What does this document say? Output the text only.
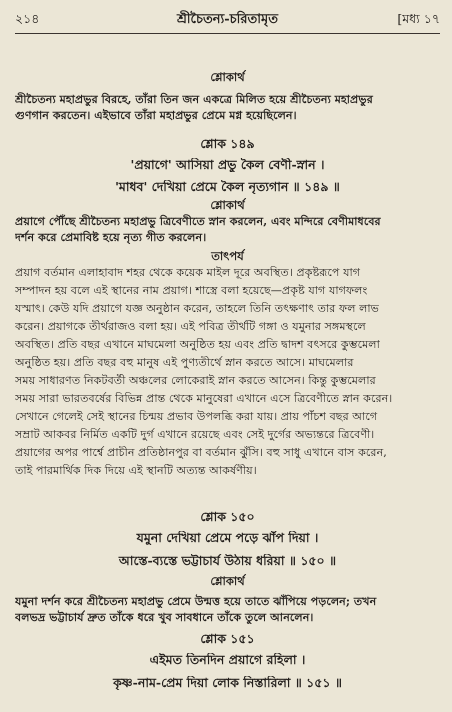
২১৪	শ্রীচৈতন্য-চরিতামৃত	[মধ্য ১৭
শ্লোকার্থ
শ্রীচৈতন্য মহাপ্রভুর বিরহে, তাঁরা তিন জন একত্রে মিলিত হয়ে শ্রীচৈতন্য মহাপ্রভুর
গুণগান করতেন। এইভাবে তাঁরা মহাপ্রভুর প্রেমে মগ্ন হয়েছিলেন।
শ্লোক ১৪৯
'প্রয়াগে' আসিয়া প্রভু কৈল বেণী-স্নান ।
'মাধব' দেখিয়া প্রেমে কৈল নৃত্যগান ॥ ১৪৯ ॥
শ্লোকার্থ
প্রয়াগে পৌঁছে শ্রীচৈতন্য মহাপ্রভু ত্রিবেণীতে স্নান করলেন, এবং মন্দিরে বেণীমাধবের
দর্শন করে প্রেমাবিষ্ট হয়ে নৃত্য গীত করলেন।
তাৎপর্য
প্রয়াগ বর্তমান এলাহাবাদ শহর থেকে কয়েক মাইল দূরে অবস্থিত। প্রকৃষ্টরূপে যাগ
সম্পাদন হয় বলে এই স্থানের নাম প্রয়াগ। শাস্ত্রে বলা হয়েছে—প্রকৃষ্ট যাগ যাগফলং
যস্মাৎ। কেউ যদি প্রয়াগে যজ্ঞ অনুষ্ঠান করেন, তাহলে তিনি তৎক্ষণাৎ তার ফল লাভ
করেন। প্রয়াগকে তীর্থরাজও বলা হয়। এই পবিত্র তীর্থটি গঙ্গা ও যমুনার সঙ্গমস্থলে
অবস্থিত। প্রতি বছর এখানে মাঘমেলা অনুষ্ঠিত হয় এবং প্রতি দ্বাদশ বৎসরে কুম্ভমেলা
অনুষ্ঠিত হয়। প্রতি বছর বহু মানুষ এই পুণ্যতীর্থে স্নান করতে আসে। মাঘমেলার
সময় সাধারণত নিকটবর্তী অঞ্চলের লোকেরাই স্নান করতে আসেন। কিন্তু কুম্ভমেলার
সময় সারা ভারতবর্ষের বিভিন্ন প্রান্ত থেকে মানুষেরা এখানে এসে ত্রিবেণীতে স্নান করেন।
সেখানে গেলেই সেই স্থানের চিন্ময় প্রভাব উপলব্ধি করা যায়। প্রায় পাঁচশ বছর আগে
সম্রাট আকবর নির্মিত একটি দুর্গ এখানে রয়েছে এবং সেই দুর্গের অভ্যন্তরে ত্রিবেণী।
প্রয়াগের অপর পার্শ্বে প্রাচীন প্রতিষ্ঠানপুর বা বর্তমান ঝুঁসি। বহু সাধু এখানে বাস করেন,
তাই পারমার্থিক দিক দিয়ে এই স্থানটি অত্যন্ত আকর্ষণীয়।
শ্লোক ১৫০
যমুনা দেখিয়া প্রেমে পড়ে ঝাঁপ দিয়া ।
আস্তে-ব্যস্তে ভট্টাচার্য উঠায় ধরিয়া ॥ ১৫০ ॥
শ্লোকার্থ
যমুনা দর্শন করে শ্রীচৈতন্য মহাপ্রভু প্রেমে উন্মত্ত হয়ে তাতে ঝাঁপিয়ে পড়লেন; তখন
বলভদ্র ভট্টাচার্য দ্রুত তাঁকে ধরে খুব সাবধানে তাঁকে তুলে আনলেন।
শ্লোক ১৫১
এইমত তিনদিন প্রয়াগে রহিলা ।
কৃষ্ণ-নাম-প্রেম দিয়া লোক নিস্তারিলা ॥ ১৫১ ॥
